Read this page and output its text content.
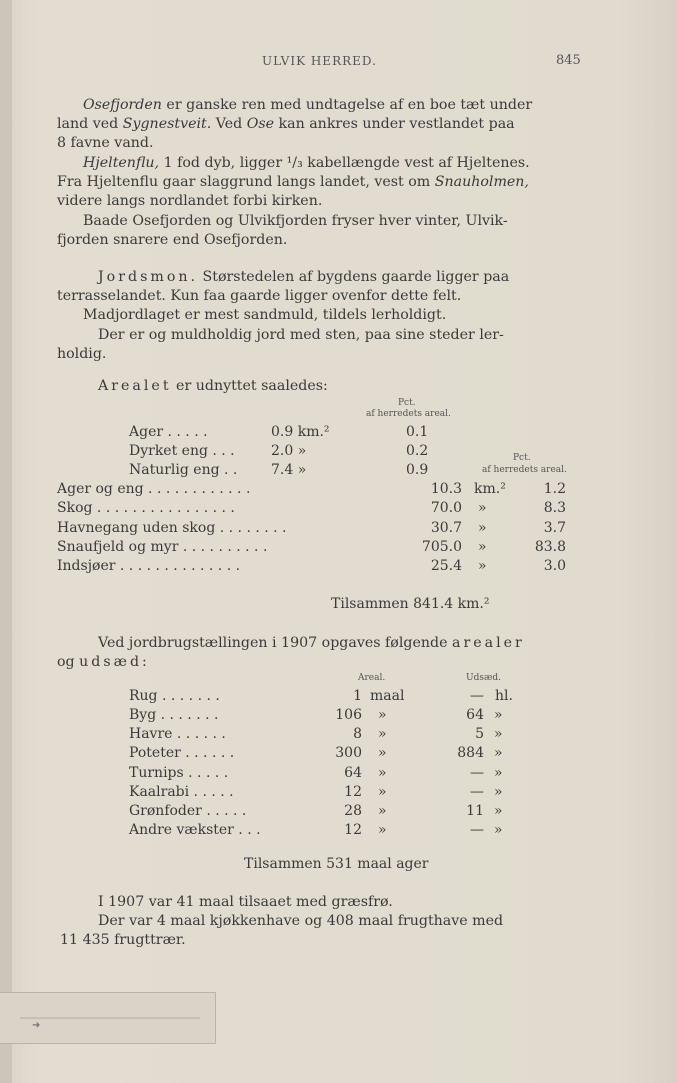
ULVIK HERRED.	845
Osefjorden er ganske ren med undtagelse af en boe tæt under
land ved Sygnestveit. Ved Ose kan ankres under vestlandet paa
8 favne vand.
Hjeltenflu, 1 fod dyb, ligger ¹/₃ kabellængde vest af Hjeltenes.
Fra Hjeltenflu gaar slaggrund langs landet, vest om Snauholmen,
videre langs nordlandet forbi kirken.
Baade Osefjorden og Ulvikfjorden fryser hver vinter, Ulvik-
fjorden snarere end Osefjorden.
Jordsmon. Størstedelen af bygdens gaarde ligger paa
terrasselandet. Kun faa gaarde ligger ovenfor dette felt.
Madjordlaget er mest sandmuld, tildels lerholdigt.
Der er og muldholdig jord med sten, paa sine steder ler-
holdig.
Arealet er udnyttet saaledes:
Pct.
af herredets areal.
Ager . . . . .	0.9 km.²	0.1
Dyrket eng . . .	2.0 »	0.2
Naturlig eng . . 7.4 »	0.9
Pct.
af herredets areal.
Ager og eng . . . . . . . . . . . .	10.3 km.²	1.2
Skog . . . . . . . . . . . . . . . .	70.0 »	8.3
Havnegang uden skog . . . . . . . .	30.7 »	3.7
Snaufjeld og myr . . . . . . . . . .	705.0 »	83.8
Indsjøer . . . . . . . . . . . . . .	25.4 »	3.0
Tilsammen 841.4 km.²
Ved jordbrugstællingen i 1907 opgaves følgende arealer
og udsæd:
Areal.	Udsæd.
Rug . . . . . . .	1 maal	— hl.
Byg . . . . . . .	106 »	64 »
Havre . . . . . .	8 »	5 »
Poteter . . . . . .	300 »	884 »
Turnips . . . . .	64 »	— »
Kaalrabi . . . . .	12 »	— »
Grønfoder . . . . .	28 »	11 »
Andre vækster . . .	12 »	— »
Tilsammen 531 maal ager
I 1907 var 41 maal tilsaaet med græsfrø.
Der var 4 maal kjøkkenhave og 408 maal frugthave med
11 435 frugttrær.
➜
